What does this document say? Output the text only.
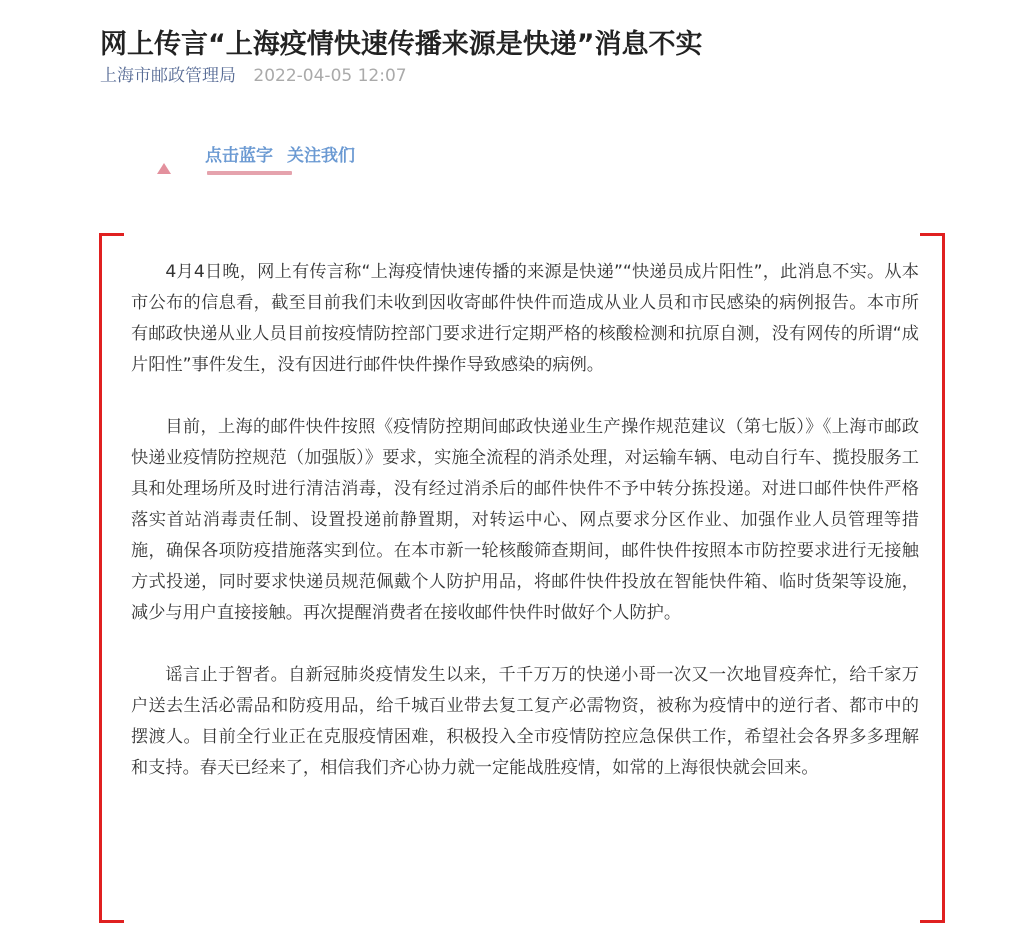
网上传言“上海疫情快速传播来源是快递”消息不实
上海市邮政管理局 2022-04-05 12:07
点击蓝字 关注我们

4月4日晚，网上有传言称“上海疫情快速传播的来源是快递”“快递员成片阳性”，此消息不实。从本市公布的信息看，截至目前我们未收到因收寄邮件快件而造成从业人员和市民感染的病例报告。本市所有邮政快递从业人员目前按疫情防控部门要求进行定期严格的核酸检测和抗原自测，没有网传的所谓“成片阳性”事件发生，没有因进行邮件快件操作导致感染的病例。

目前，上海的邮件快件按照《疫情防控期间邮政快递业生产操作规范建议（第七版）》《上海市邮政快递业疫情防控规范（加强版）》要求，实施全流程的消杀处理，对运输车辆、电动自行车、揽投服务工具和处理场所及时进行清洁消毒，没有经过消杀后的邮件快件不予中转分拣投递。对进口邮件快件严格落实首站消毒责任制、设置投递前静置期，对转运中心、网点要求分区作业、加强作业人员管理等措施，确保各项防疫措施落实到位。在本市新一轮核酸筛查期间，邮件快件按照本市防控要求进行无接触方式投递，同时要求快递员规范佩戴个人防护用品，将邮件快件投放在智能快件箱、临时货架等设施，减少与用户直接接触。再次提醒消费者在接收邮件快件时做好个人防护。

谣言止于智者。自新冠肺炎疫情发生以来，千千万万的快递小哥一次又一次地冒疫奔忙，给千家万户送去生活必需品和防疫用品，给千城百业带去复工复产必需物资，被称为疫情中的逆行者、都市中的摆渡人。目前全行业正在克服疫情困难，积极投入全市疫情防控应急保供工作，希望社会各界多多理解和支持。春天已经来了，相信我们齐心协力就一定能战胜疫情，如常的上海很快就会回来。
